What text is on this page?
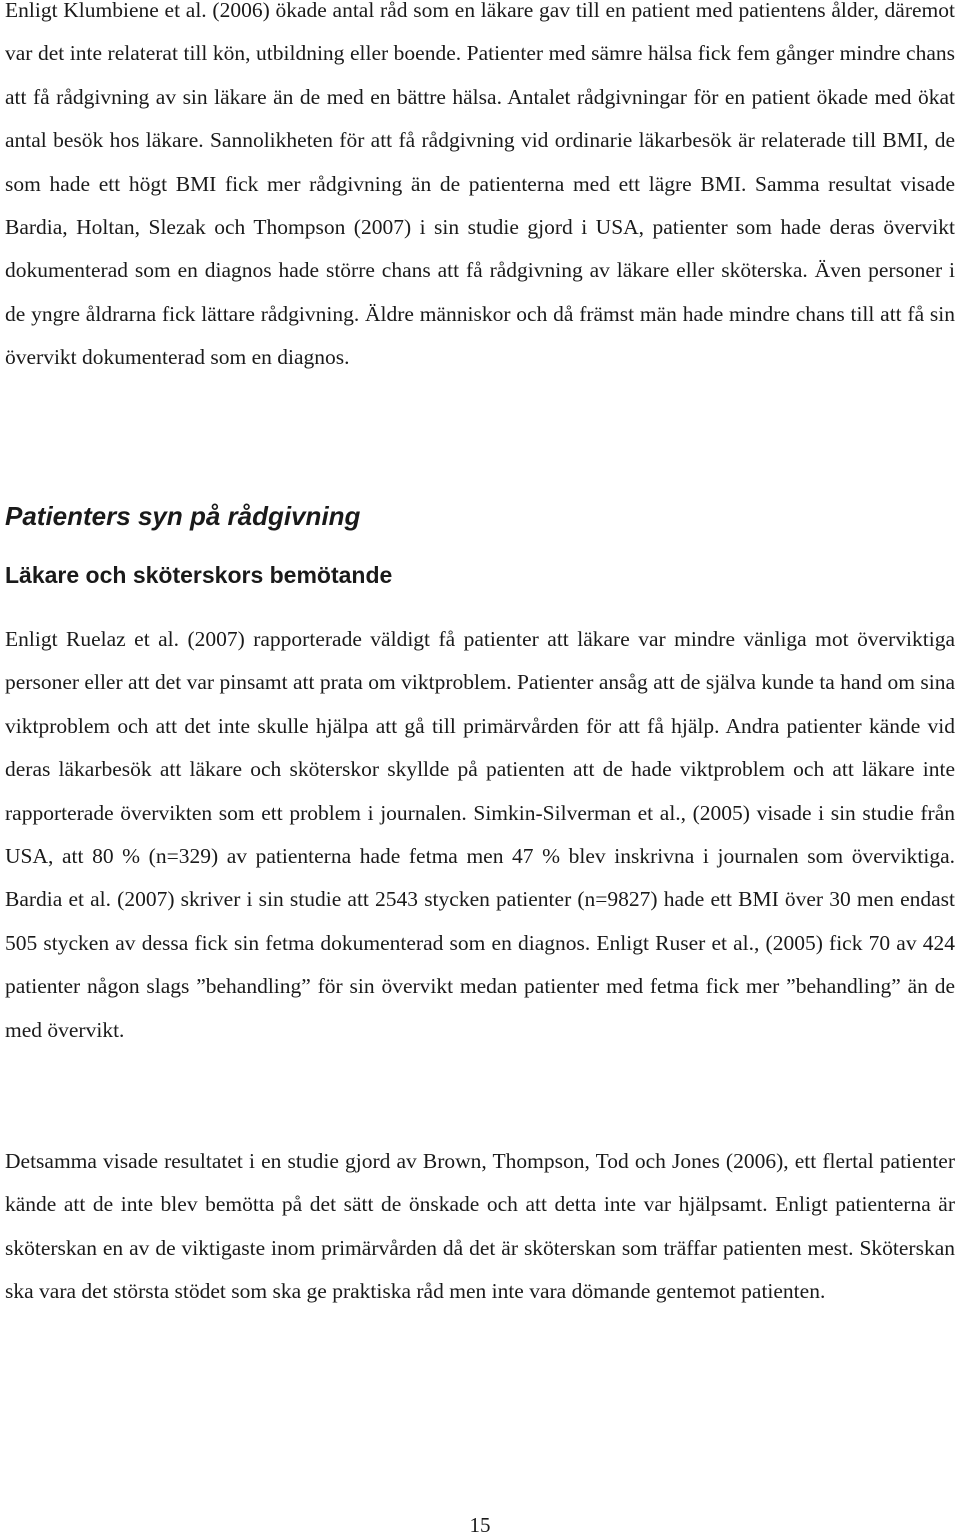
Enligt Klumbiene et al. (2006) ökade antal råd som en läkare gav till en patient med patientens ålder, däremot var det inte relaterat till kön, utbildning eller boende. Patienter med sämre hälsa fick fem gånger mindre chans att få rådgivning av sin läkare än de med en bättre hälsa. Antalet rådgivningar för en patient ökade med ökat antal besök hos läkare. Sannolikheten för att få rådgivning vid ordinarie läkarbesök är relaterade till BMI, de som hade ett högt BMI fick mer rådgivning än de patienterna med ett lägre BMI. Samma resultat visade Bardia, Holtan, Slezak och Thompson (2007) i sin studie gjord i USA, patienter som hade deras övervikt dokumenterad som en diagnos hade större chans att få rådgivning av läkare eller sköterska. Även personer i de yngre åldrarna fick lättare rådgivning. Äldre människor och då främst män hade mindre chans till att få sin övervikt dokumenterad som en diagnos.

Patienters syn på rådgivning
Läkare och sköterskors bemötande

Enligt Ruelaz et al. (2007) rapporterade väldigt få patienter att läkare var mindre vänliga mot överviktiga personer eller att det var pinsamt att prata om viktproblem. Patienter ansåg att de själva kunde ta hand om sina viktproblem och att det inte skulle hjälpa att gå till primärvården för att få hjälp. Andra patienter kände vid deras läkarbesök att läkare och sköterskor skyllde på patienten att de hade viktproblem och att läkare inte rapporterade övervikten som ett problem i journalen. Simkin-Silverman et al., (2005) visade i sin studie från USA, att 80 % (n=329) av patienterna hade fetma men 47 % blev inskrivna i journalen som överviktiga. Bardia et al. (2007) skriver i sin studie att 2543 stycken patienter (n=9827) hade ett BMI över 30 men endast 505 stycken av dessa fick sin fetma dokumenterad som en diagnos. Enligt Ruser et al., (2005) fick 70 av 424 patienter någon slags ”behandling” för sin övervikt medan patienter med fetma fick mer ”behandling” än de med övervikt.

Detsamma visade resultatet i en studie gjord av Brown, Thompson, Tod och Jones (2006), ett flertal patienter kände att de inte blev bemötta på det sätt de önskade och att detta inte var hjälpsamt. Enligt patienterna är sköterskan en av de viktigaste inom primärvården då det är sköterskan som träffar patienten mest. Sköterskan ska vara det största stödet som ska ge praktiska råd men inte vara dömande gentemot patienten.

15
